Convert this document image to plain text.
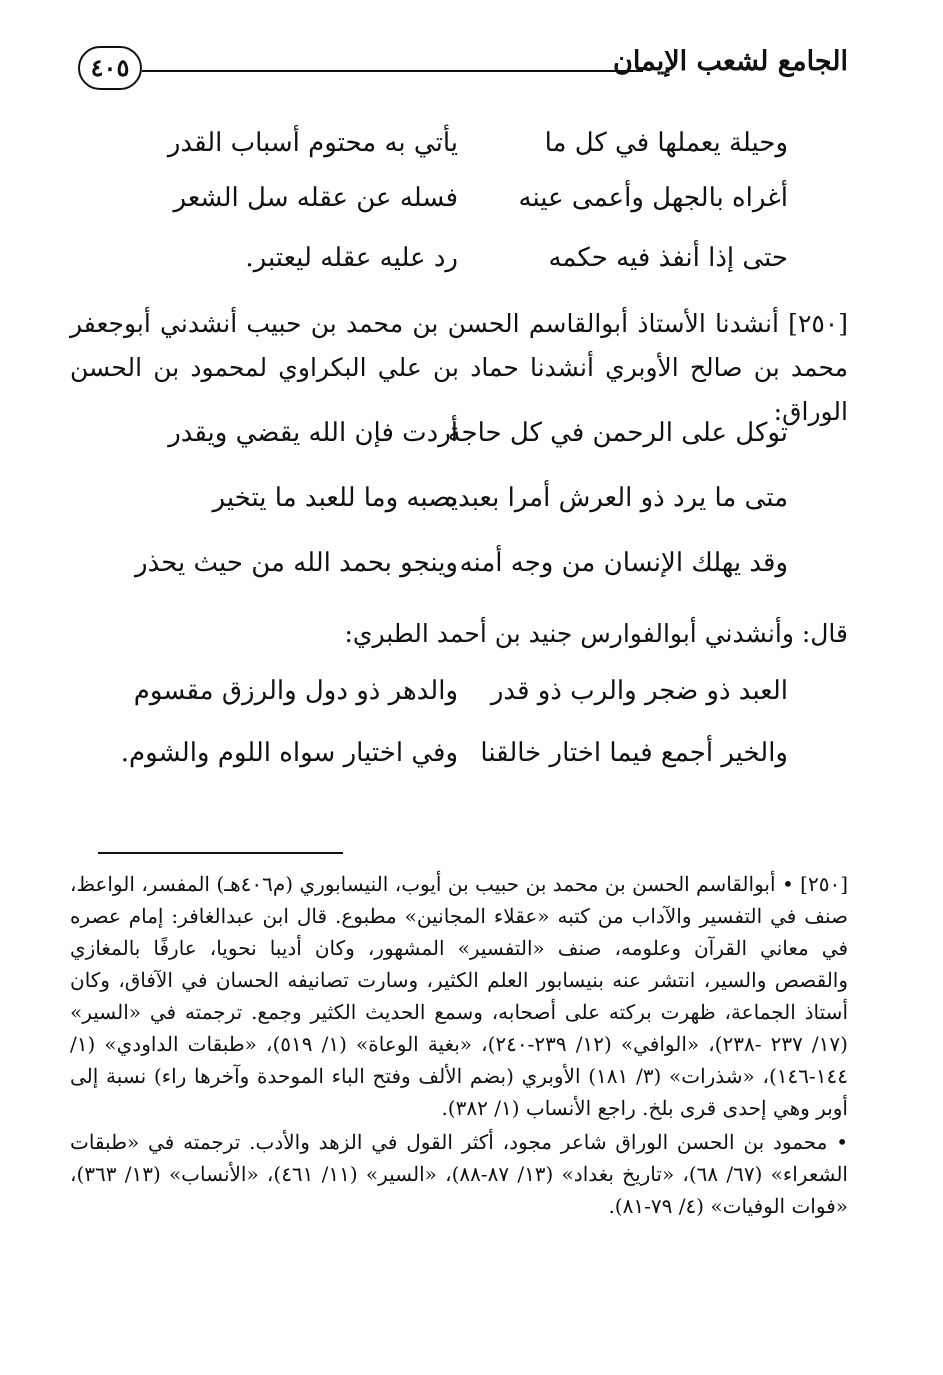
الجامع لشعب الإيمان
٤٠٥
وحيلة يعملها في كل ما
يأتي به محتوم أسباب القدر
أغراه بالجهل وأعمى عينه
فسله عن عقله سل الشعر
حتى إذا أنفذ فيه حكمه
رد عليه عقله ليعتبر.
[٢٥٠] أنشدنا الأستاذ أبوالقاسم الحسن بن محمد بن حبيب أنشدني أبوجعفر محمد بن صالح الأوبري أنشدنا حماد بن علي البكراوي لمحمود بن الحسن الوراق:
توكل على الرحمن في كل حاجة
أردت فإن الله يقضي ويقدر
متى ما يرد ذو العرش أمرا بعبده
يصبه وما للعبد ما يتخير
وقد يهلك الإنسان من وجه أمنه
وينجو بحمد الله من حيث يحذر
قال: وأنشدني أبوالفوارس جنيد بن أحمد الطبري:
العبد ذو ضجر والرب ذو قدر
والدهر ذو دول والرزق مقسوم
والخير أجمع فيما اختار خالقنا
وفي اختيار سواه اللوم والشوم.

[٢٥٠] • أبوالقاسم الحسن بن محمد بن حبيب بن أيوب، النيسابوري (م٤٠٦هـ) المفسر، الواعظ، صنف في التفسير والآداب من كتبه «عقلاء المجانين» مطبوع. قال ابن عبدالغافر: إمام عصره في معاني القرآن وعلومه، صنف «التفسير» المشهور، وكان أديبا نحويا، عارفًا بالمغازي والقصص والسير، انتشر عنه بنيسابور العلم الكثير، وسارت تصانيفه الحسان في الآفاق، وكان أستاذ الجماعة، ظهرت بركته على أصحابه، وسمع الحديث الكثير وجمع. ترجمته في «السير» (١٧/ ٢٣٧ -٢٣٨)، «الوافي» (١٢/ ٢٣٩-٢٤٠)، «بغية الوعاة» (١/ ٥١٩)، «طبقات الداودي» (١/ ١٤٤-١٤٦)، «شذرات» (٣/ ١٨١) الأوبري (بضم الألف وفتح الباء الموحدة وآخرها راء) نسبة إلى أوبر وهي إحدى قرى بلخ. راجع الأنساب (١/ ٣٨٢).

• محمود بن الحسن الوراق شاعر مجود، أكثر القول في الزهد والأدب. ترجمته في «طبقات الشعراء» (٦٧/ ٦٨)، «تاريخ بغداد» (١٣/ ٨٧-٨٨)، «السير» (١١/ ٤٦١)، «الأنساب» (١٣/ ٣٦٣)، «فوات الوفيات» (٤/ ٧٩-٨١).
